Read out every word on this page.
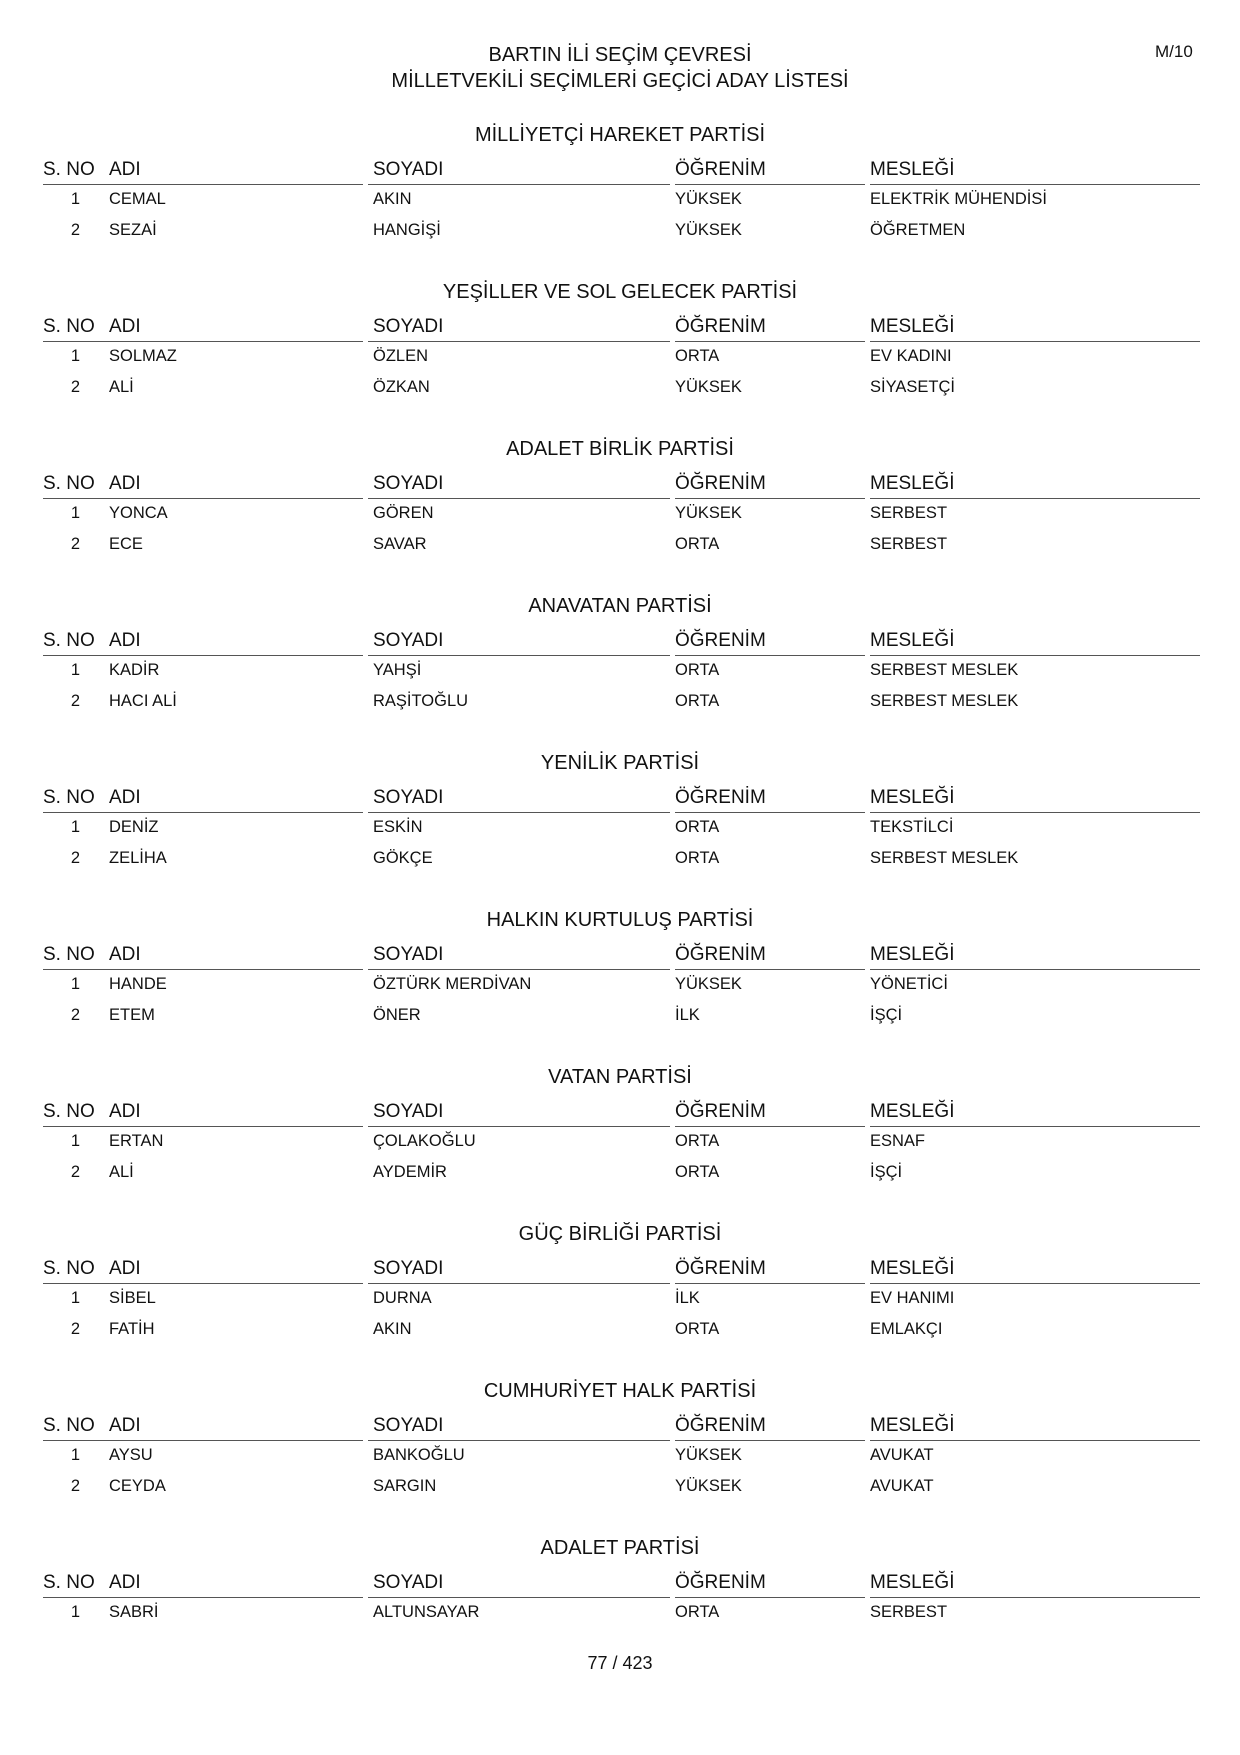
M/10
BARTIN İLİ SEÇİM ÇEVRESİ
MİLLETVEKİLİ SEÇİMLERİ GEÇİCİ ADAY LİSTESİ
MİLLİYETÇİ HAREKET PARTİSİ
S. NO ADI	SOYADI	ÖĞRENİM	MESLEĞİ
1 CEMAL	AKIN	YÜKSEK	ELEKTRİK MÜHENDİSİ
2 SEZAİ	HANGİŞİ	YÜKSEK	ÖĞRETMEN
YEŞİLLER VE SOL GELECEK PARTİSİ
S. NO ADI	SOYADI	ÖĞRENİM	MESLEĞİ
1 SOLMAZ	ÖZLEN	ORTA	EV KADINI
2 ALİ	ÖZKAN	YÜKSEK	SİYASETÇİ
ADALET BİRLİK PARTİSİ
S. NO ADI	SOYADI	ÖĞRENİM	MESLEĞİ
1 YONCA	GÖREN	YÜKSEK	SERBEST
2 ECE	SAVAR	ORTA	SERBEST
ANAVATAN PARTİSİ
S. NO ADI	SOYADI	ÖĞRENİM	MESLEĞİ
1 KADİR	YAHŞİ	ORTA	SERBEST MESLEK
2 HACI ALİ	RAŞİTOĞLU	ORTA	SERBEST MESLEK
YENİLİK PARTİSİ
S. NO ADI	SOYADI	ÖĞRENİM	MESLEĞİ
1 DENİZ	ESKİN	ORTA	TEKSTİLCİ
2 ZELİHA	GÖKÇE	ORTA	SERBEST MESLEK
HALKIN KURTULUŞ PARTİSİ
S. NO ADI	SOYADI	ÖĞRENİM	MESLEĞİ
1 HANDE	ÖZTÜRK MERDİVAN	YÜKSEK	YÖNETİCİ
2 ETEM	ÖNER	İLK	İŞÇİ
VATAN PARTİSİ
S. NO ADI	SOYADI	ÖĞRENİM	MESLEĞİ
1 ERTAN	ÇOLAKOĞLU	ORTA	ESNAF
2 ALİ	AYDEMİR	ORTA	İŞÇİ
GÜÇ BİRLİĞİ PARTİSİ
S. NO ADI	SOYADI	ÖĞRENİM	MESLEĞİ
1 SİBEL	DURNA	İLK	EV HANIMI
2 FATİH	AKIN	ORTA	EMLAKÇI
CUMHURİYET HALK PARTİSİ
S. NO ADI	SOYADI	ÖĞRENİM	MESLEĞİ
1 AYSU	BANKOĞLU	YÜKSEK	AVUKAT
2 CEYDA	SARGIN	YÜKSEK	AVUKAT
ADALET PARTİSİ
S. NO ADI	SOYADI	ÖĞRENİM	MESLEĞİ
1 SABRİ	ALTUNSAYAR	ORTA	SERBEST
77 / 423
